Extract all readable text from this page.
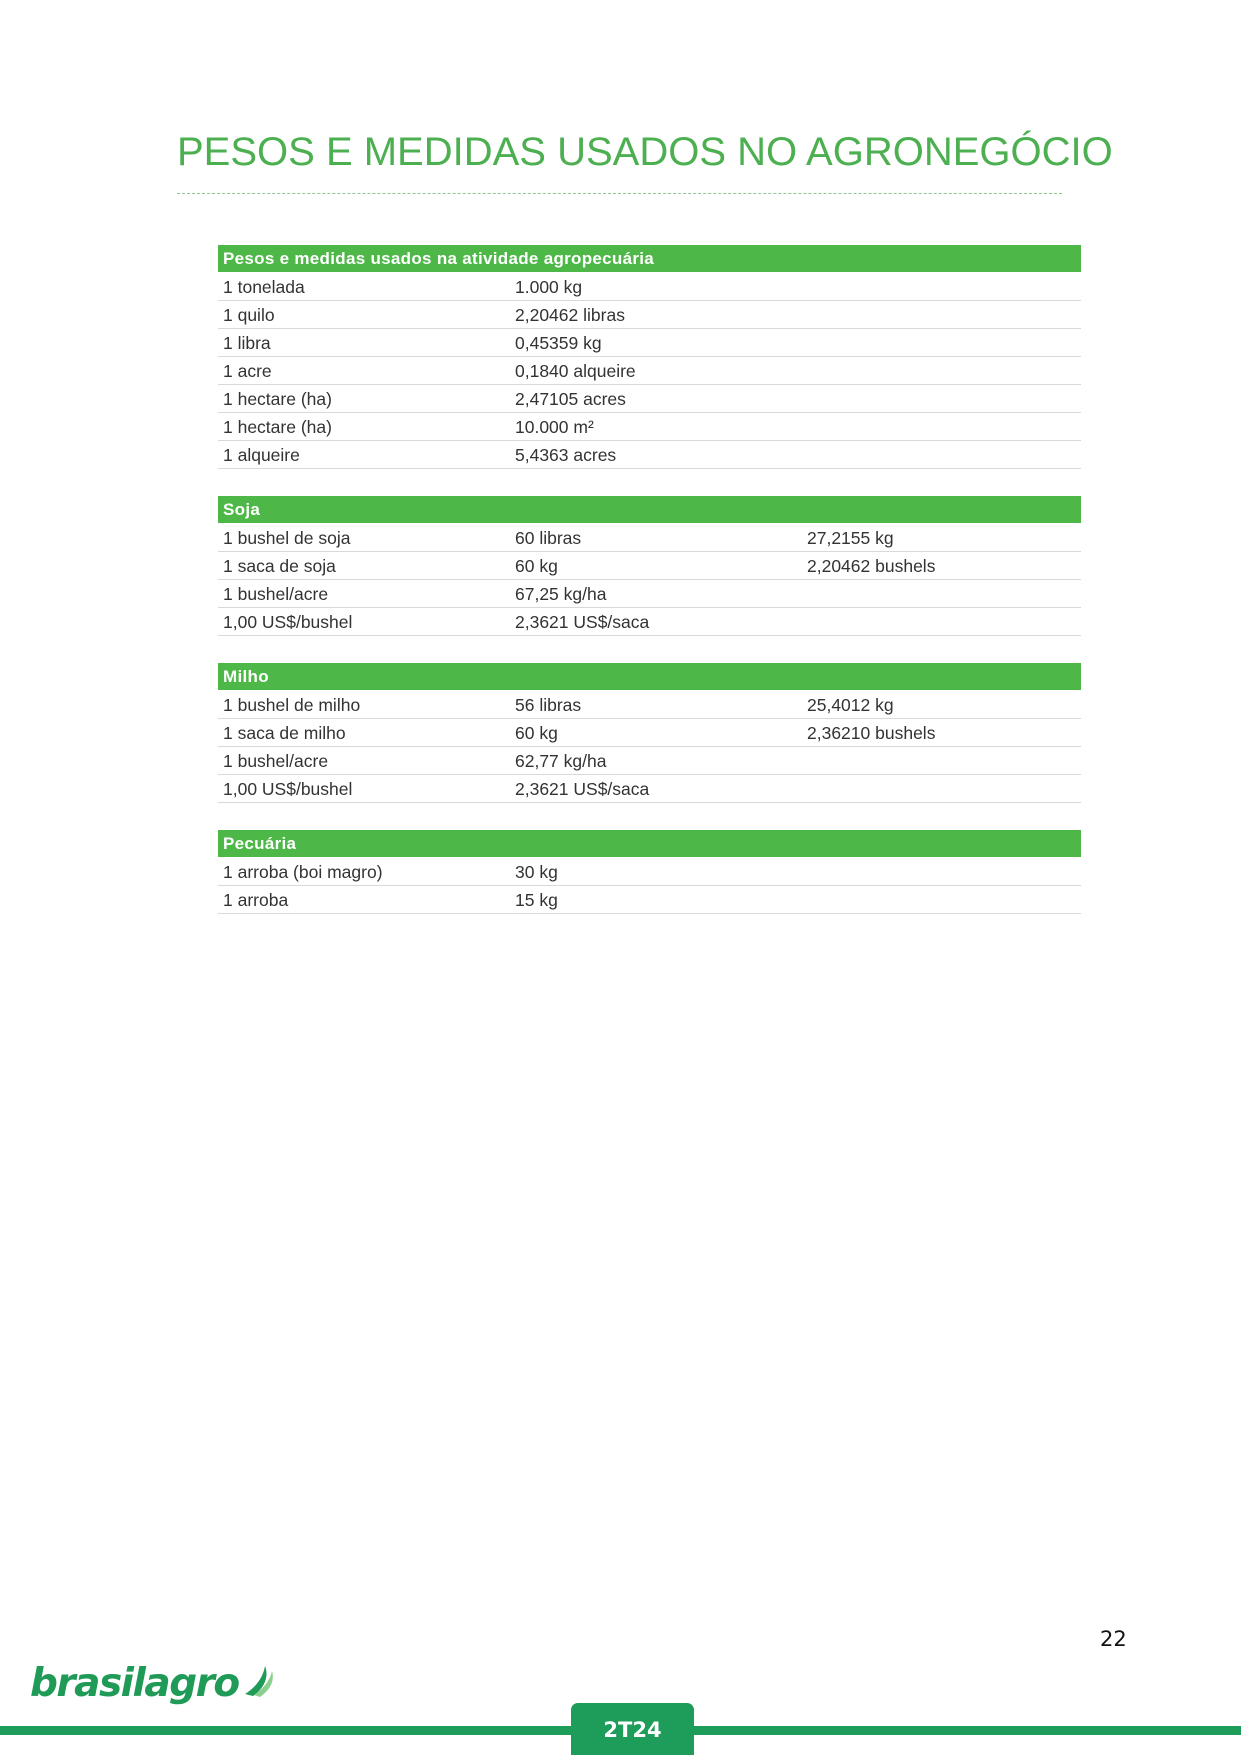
PESOS E MEDIDAS USADOS NO AGRONEGÓCIO
Pesos e medidas usados na atividade agropecuária
1 tonelada	1.000 kg
1 quilo	2,20462 libras
1 libra	0,45359 kg
1 acre	0,1840 alqueire
1 hectare (ha)	2,47105 acres
1 hectare (ha)	10.000 m²
1 alqueire	5,4363 acres
Soja
1 bushel de soja	60 libras	27,2155 kg
1 saca de soja	60 kg	2,20462 bushels
1 bushel/acre	67,25 kg/ha
1,00 US$/bushel	2,3621 US$/saca
Milho
1 bushel de milho	56 libras	25,4012 kg
1 saca de milho	60 kg	2,36210 bushels
1 bushel/acre	62,77 kg/ha
1,00 US$/bushel	2,3621 US$/saca
Pecuária
1 arroba (boi magro)	30 kg
1 arroba	15 kg
22
brasilagro
2T24
